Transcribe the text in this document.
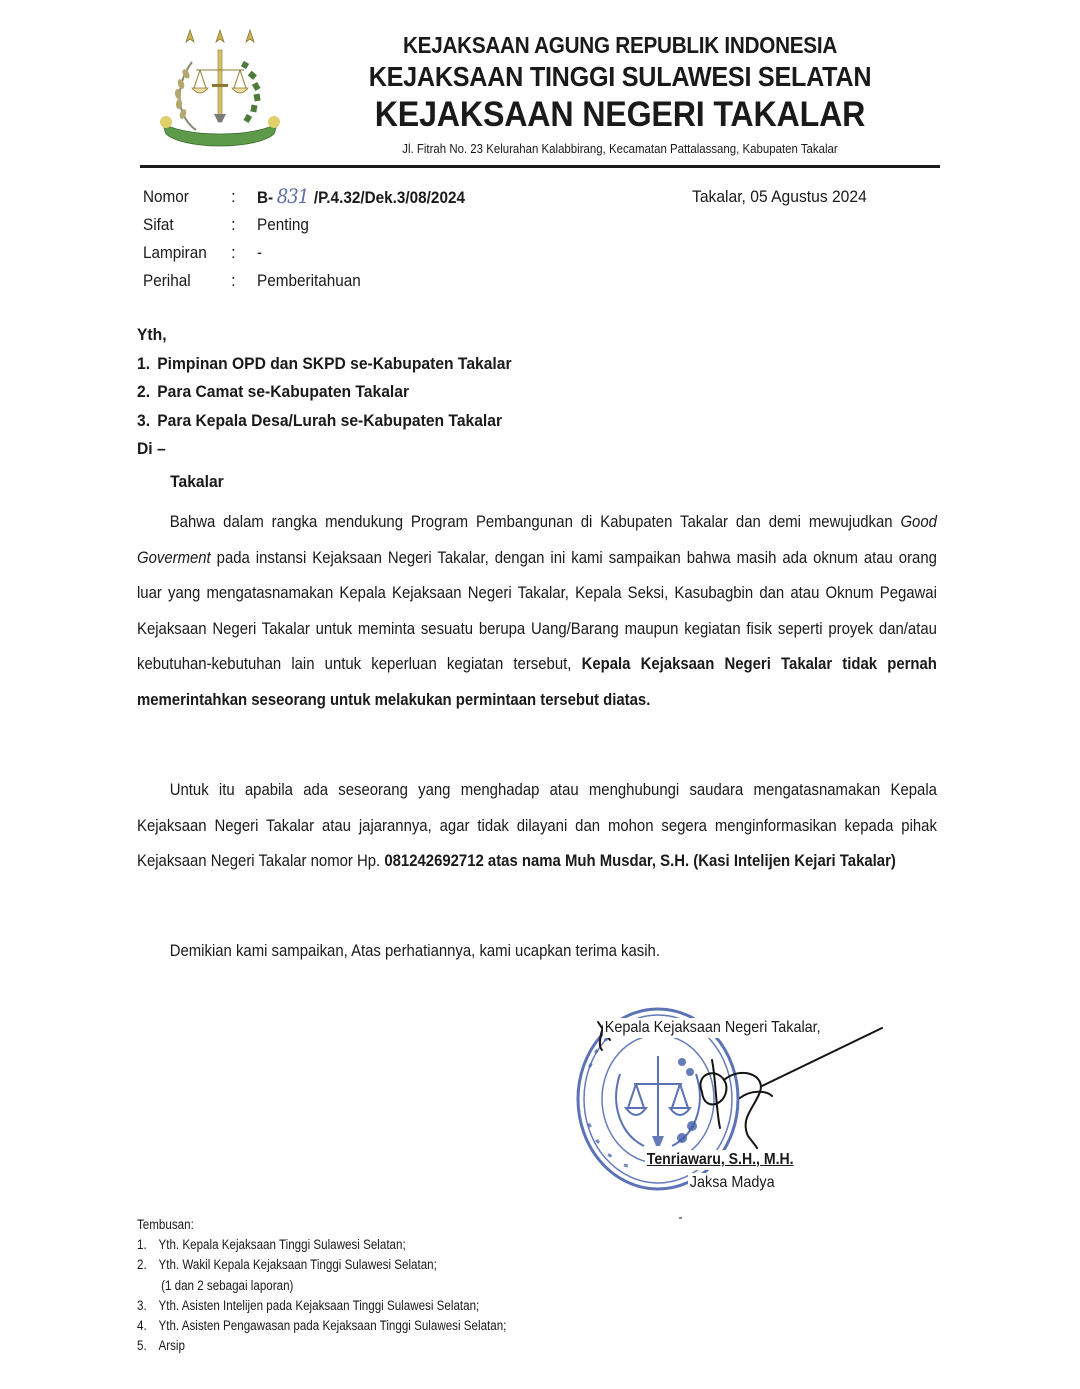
KEJAKSAAN AGUNG REPUBLIK INDONESIA
KEJAKSAAN TINGGI SULAWESI SELATAN
KEJAKSAAN NEGERI TAKALAR
Jl. Fitrah No. 23 Kelurahan Kalabbirang, Kecamatan Pattalassang, Kabupaten Takalar
Nomor	:	B- 831 /P.4.32/Dek.3/08/2024
Sifat	:	Penting
Lampiran	:	-
Perihal	:	Pemberitahuan
Takalar, 05 Agustus 2024
Yth,
1. Pimpinan OPD dan SKPD se-Kabupaten Takalar
2. Para Camat se-Kabupaten Takalar
3. Para Kepala Desa/Lurah se-Kabupaten Takalar
Di –
Takalar

Bahwa dalam rangka mendukung Program Pembangunan di Kabupaten Takalar dan demi mewujudkan Good Goverment pada instansi Kejaksaan Negeri Takalar, dengan ini kami sampaikan bahwa masih ada oknum atau orang luar yang mengatasnamakan Kepala Kejaksaan Negeri Takalar, Kepala Seksi, Kasubagbin dan atau Oknum Pegawai Kejaksaan Negeri Takalar untuk meminta sesuatu berupa Uang/Barang maupun kegiatan fisik seperti proyek dan/atau kebutuhan-kebutuhan lain untuk keperluan kegiatan tersebut, Kepala Kejaksaan Negeri Takalar tidak pernah memerintahkan seseorang untuk melakukan permintaan tersebut diatas.

Untuk itu apabila ada seseorang yang menghadap atau menghubungi saudara mengatasnamakan Kepala Kejaksaan Negeri Takalar atau jajarannya, agar tidak dilayani dan mohon segera menginformasikan kepada pihak Kejaksaan Negeri Takalar nomor Hp. 081242692712 atas nama Muh Musdar, S.H. (Kasi Intelijen Kejari Takalar)

Demikian kami sampaikan, Atas perhatiannya, kami ucapkan terima kasih.

Kepala Kejaksaan Negeri Takalar,
Tenriawaru, S.H., M.H.
Jaksa Madya
Tembusan:
1. Yth. Kepala Kejaksaan Tinggi Sulawesi Selatan;
2. Yth. Wakil Kepala Kejaksaan Tinggi Sulawesi Selatan;
(1 dan 2 sebagai laporan)
3. Yth. Asisten Intelijen pada Kejaksaan Tinggi Sulawesi Selatan;
4. Yth. Asisten Pengawasan pada Kejaksaan Tinggi Sulawesi Selatan;
5. Arsip
